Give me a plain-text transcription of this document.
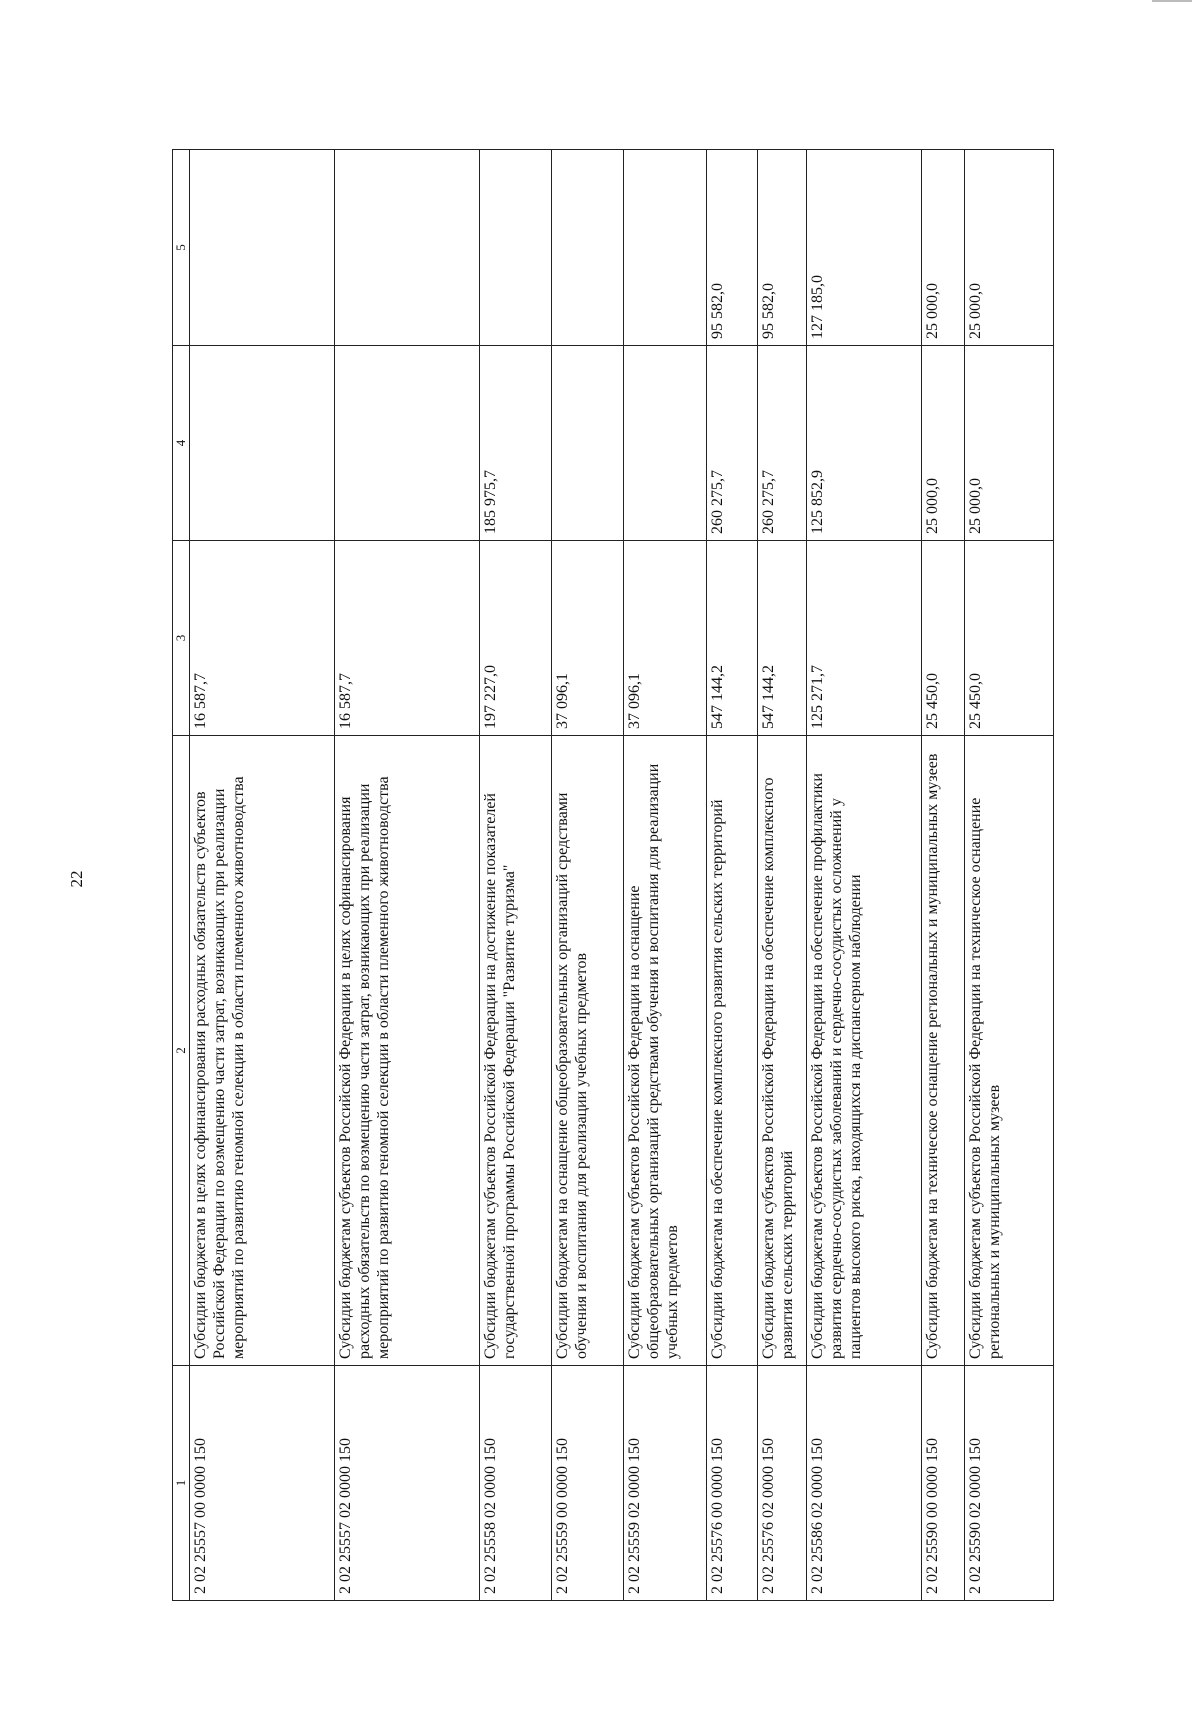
22
1	2	3	4	5
2 02 25557 00 0000 150	Субсидии бюджетам в целях софинансирования расходных обязательств субъектов Российской Федерации по возмещению части затрат, возникающих при реализации мероприятий по развитию геномной селекции в области племенного животноводства	16 587,7		
2 02 25557 02 0000 150	Субсидии бюджетам субъектов Российской Федерации в целях софинансирования расходных обязательств по возмещению части затрат, возникающих при реализации мероприятий по развитию геномной селекции в области племенного животноводства	16 587,7		
2 02 25558 02 0000 150	Субсидии бюджетам субъектов Российской Федерации на достижение показателей государственной программы Российской Федерации "Развитие туризма"	197 227,0	185 975,7	
2 02 25559 00 0000 150	Субсидии бюджетам на оснащение общеобразовательных организаций средствами обучения и воспитания для реализации учебных предметов	37 096,1		
2 02 25559 02 0000 150	Субсидии бюджетам субъектов Российской Федерации на оснащение общеобразовательных организаций средствами обучения и воспитания для реализации учебных предметов	37 096,1		
2 02 25576 00 0000 150	Субсидии бюджетам на обеспечение комплексного развития сельских территорий	547 144,2	260 275,7	95 582,0
2 02 25576 02 0000 150	Субсидии бюджетам субъектов Российской Федерации на обеспечение комплексного развития сельских территорий	547 144,2	260 275,7	95 582,0
2 02 25586 02 0000 150	Субсидии бюджетам субъектов Российской Федерации на обеспечение профилактики развития сердечно-сосудистых заболеваний и сердечно-сосудистых осложнений у пациентов высокого риска, находящихся на диспансерном наблюдении	125 271,7	125 852,9	127 185,0
2 02 25590 00 0000 150	Субсидии бюджетам на техническое оснащение региональных и муниципальных музеев	25 450,0	25 000,0	25 000,0
2 02 25590 02 0000 150	Субсидии бюджетам субъектов Российской Федерации на техническое оснащение региональных и муниципальных музеев	25 450,0	25 000,0	25 000,0
